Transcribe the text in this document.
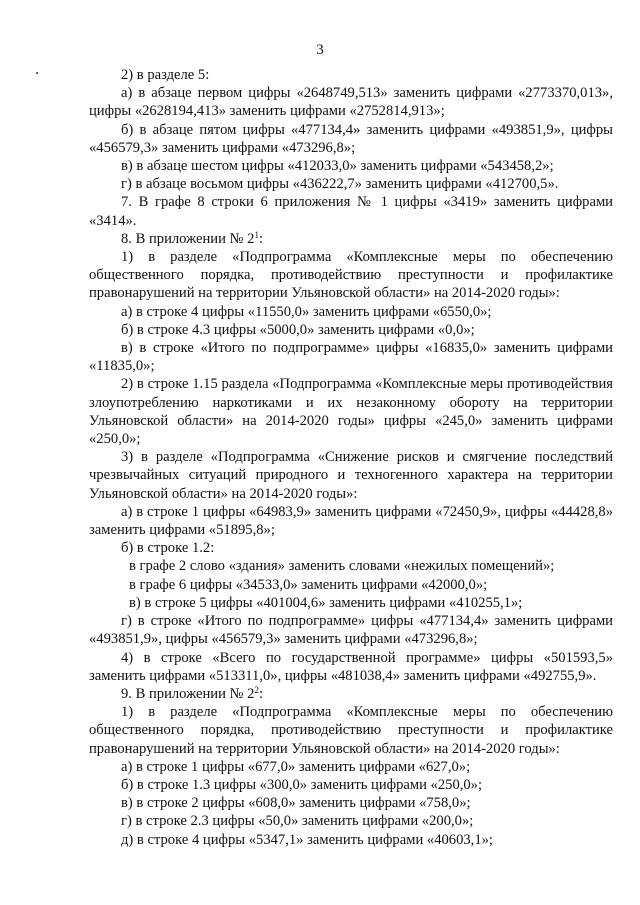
3

2) в разделе 5:

а) в абзаце первом цифры «2648749,513» заменить цифрами «2773370,013», цифры «2628194,413» заменить цифрами «2752814,913»;

б) в абзаце пятом цифры «477134,4» заменить цифрами «493851,9», цифры «456579,3» заменить цифрами «473296,8»;

в) в абзаце шестом цифры «412033,0» заменить цифрами «543458,2»;

г) в абзаце восьмом цифры «436222,7» заменить цифрами «412700,5».

7. В графе 8 строки 6 приложения № 1 цифры «3419» заменить цифрами «3414».

8. В приложении № $2^1$:

1) в разделе «Подпрограмма «Комплексные меры по обеспечению общественного порядка, противодействию преступности и профилактике правонарушений на территории Ульяновской области» на 2014-2020 годы»:

а) в строке 4 цифры «11550,0» заменить цифрами «6550,0»;

б) в строке 4.3 цифры «5000,0» заменить цифрами «0,0»;

в) в строке «Итого по подпрограмме» цифры «16835,0» заменить цифрами «11835,0»;

2) в строке 1.15 раздела «Подпрограмма «Комплексные меры противодействия злоупотреблению наркотиками и их незаконному обороту на территории Ульяновской области» на 2014-2020 годы» цифры «245,0» заменить цифрами «250,0»;

3) в разделе «Подпрограмма «Снижение рисков и смягчение последствий чрезвычайных ситуаций природного и техногенного характера на территории Ульяновской области» на 2014-2020 годы»:

а) в строке 1 цифры «64983,9» заменить цифрами «72450,9», цифры «44428,8» заменить цифрами «51895,8»;

б) в строке 1.2:

в графе 2 слово «здания» заменить словами «нежилых помещений»;

в графе 6 цифры «34533,0» заменить цифрами «42000,0»;

в) в строке 5 цифры «401004,6» заменить цифрами «410255,1»;

г) в строке «Итого по подпрограмме» цифры «477134,4» заменить цифрами «493851,9», цифры «456579,3» заменить цифрами «473296,8»;

4) в строке «Всего по государственной программе» цифры «501593,5» заменить цифрами «513311,0», цифры «481038,4» заменить цифрами «492755,9».

9. В приложении № $2^2$:

1) в разделе «Подпрограмма «Комплексные меры по обеспечению общественного порядка, противодействию преступности и профилактике правонарушений на территории Ульяновской области» на 2014-2020 годы»:

а) в строке 1 цифры «677,0» заменить цифрами «627,0»;

б) в строке 1.3 цифры «300,0» заменить цифрами «250,0»;

в) в строке 2 цифры «608,0» заменить цифрами «758,0»;

г) в строке 2.3 цифры «50,0» заменить цифрами «200,0»;

д) в строке 4 цифры «5347,1» заменить цифрами «40603,1»;
